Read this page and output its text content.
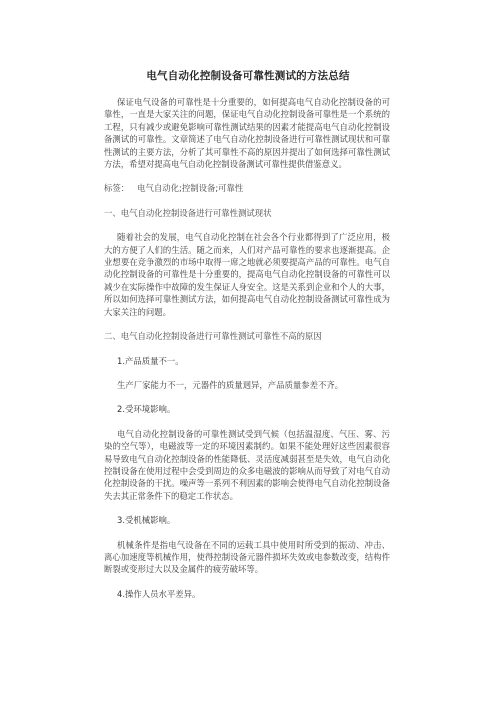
电气自动化控制设备可靠性测试的方法总结

保证电气设备的可靠性是十分重要的，如何提高电气自动化控制设备的可靠性，一直是大家关注的问题，保证电气自动化控制设备可靠性是一个系统的工程，只有减少或避免影响可靠性测试结果的因素才能提高电气自动化控制设备测试的可靠性。文章简述了电气自动化控制设备进行可靠性测试现状和可靠性测试的主要方法，分析了其可靠性不高的原因并提出了如何选择可靠性测试方法，希望对提高电气自动化控制设备测试可靠性提供借鉴意义。

标签： 电气自动化;控制设备;可靠性

一、电气自动化控制设备进行可靠性测试现状

随着社会的发展，电气自动化控制在社会各个行业都得到了广泛应用，极大的方便了人们的生活。随之而来，人们对产品可靠性的要求也逐渐提高。企业想要在竞争激烈的市场中取得一席之地就必须要提高产品的可靠性。电气自动化控制设备的可靠性是十分重要的，提高电气自动化控制设备的可靠性可以减少在实际操作中故障的发生保证人身安全。这是关系到企业和个人的大事，所以如何选择可靠性测试方法，如何提高电气自动化控制设备测试可靠性成为大家关注的问题。

二、电气自动化控制设备进行可靠性测试可靠性不高的原因

1.产品质量不一。

生产厂家能力不一，元器件的质量迥异，产品质量参差不齐。

2.受环境影响。

电气自动化控制设备的可靠性测试受到气候（包括温湿度、气压、雾、污染的空气等），电磁波等一定的环境因素制约。如果不能处理好这些因素很容易导致电气自动化控制设备的性能降低、灵活度减弱甚至是失效，电气自动化控制设备在使用过程中会受到周边的众多电磁波的影响从而导致了对电气自动化控制设备的干扰。噪声等一系列不利因素的影响会使得电气自动化控制设备失去其正常条件下的稳定工作状态。

3.受机械影响。

机械条件是指电气设备在不同的运载工具中使用时所受到的振动、冲击、离心加速度等机械作用，使得控制设备元器件损坏失效或电参数改变，结构件断裂或变形过大以及金属件的疲劳破坏等。

4.操作人员水平差异。
